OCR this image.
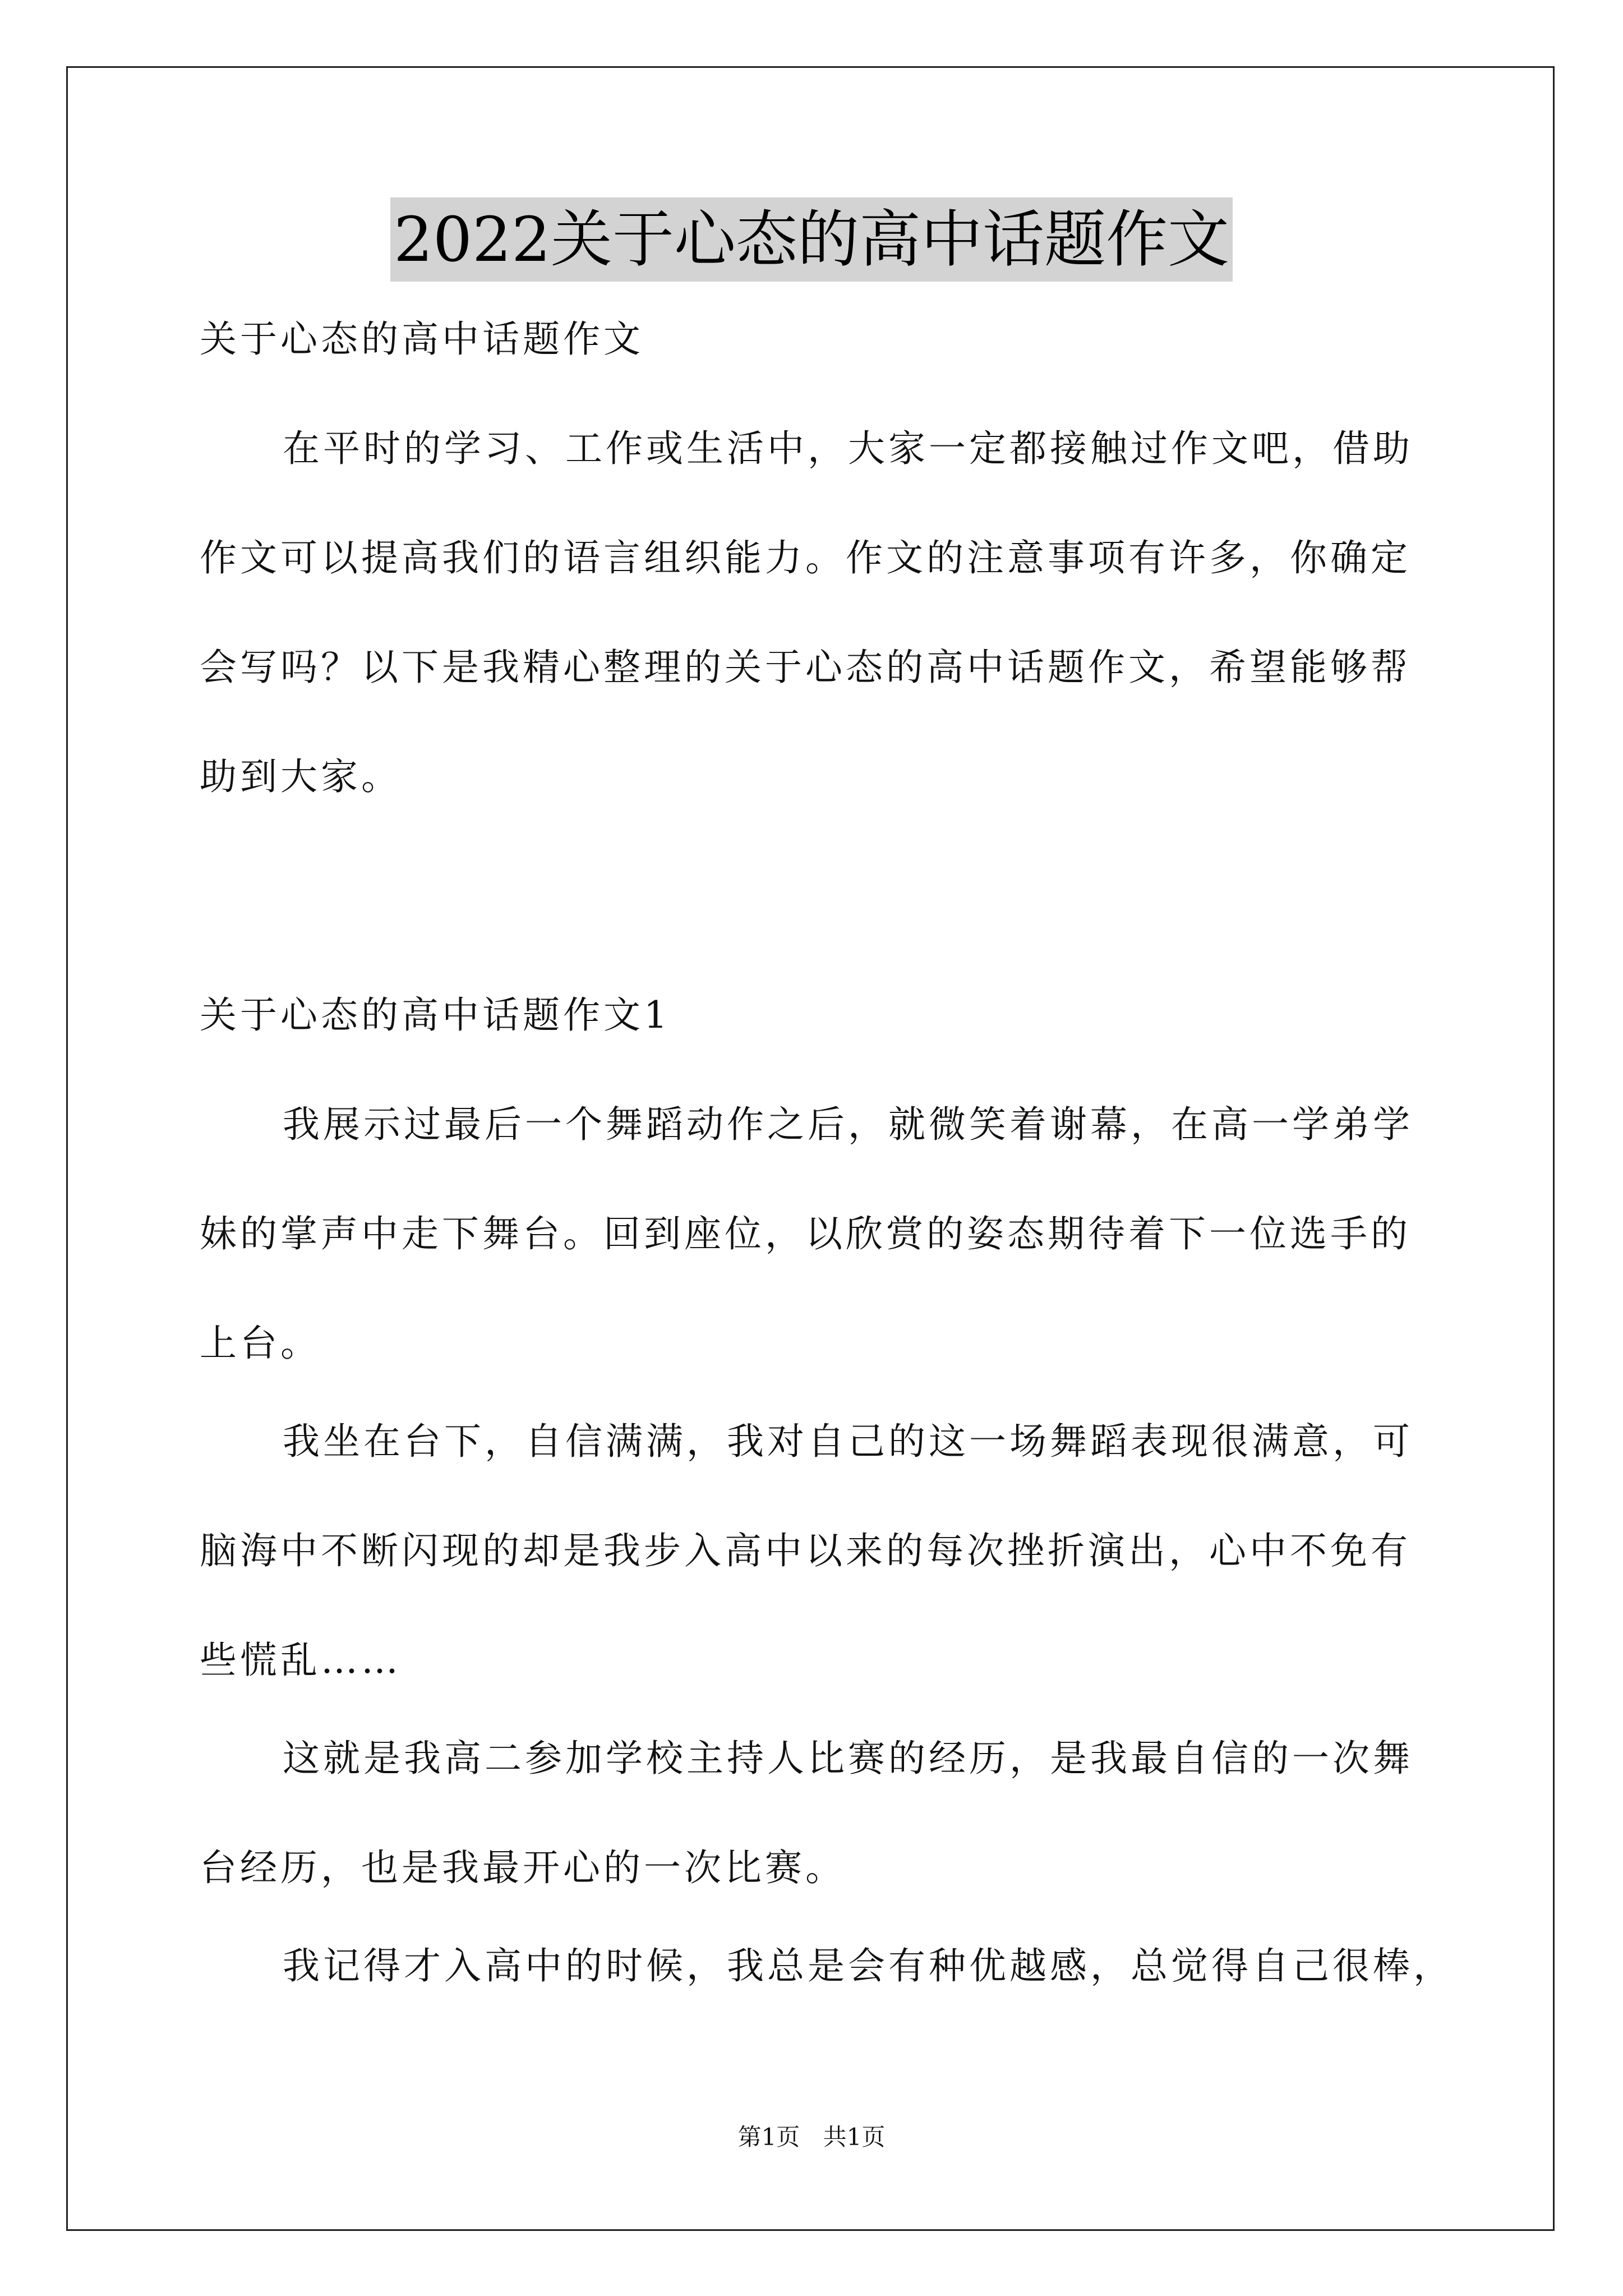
2022关于心态的高中话题作文
关于心态的高中话题作文
在平时的学习、工作或生活中，大家一定都接触过作文吧，借助
作文可以提高我们的语言组织能力。作文的注意事项有许多，你确定
会写吗？以下是我精心整理的关于心态的高中话题作文，希望能够帮
助到大家。
关于心态的高中话题作文1
我展示过最后一个舞蹈动作之后，就微笑着谢幕，在高一学弟学
妹的掌声中走下舞台。回到座位，以欣赏的姿态期待着下一位选手的
上台。
我坐在台下，自信满满，我对自己的这一场舞蹈表现很满意，可
脑海中不断闪现的却是我步入高中以来的每次挫折演出，心中不免有
些慌乱……
这就是我高二参加学校主持人比赛的经历，是我最自信的一次舞
台经历，也是我最开心的一次比赛。
我记得才入高中的时候，我总是会有种优越感，总觉得自己很棒，
第1页 共1页
